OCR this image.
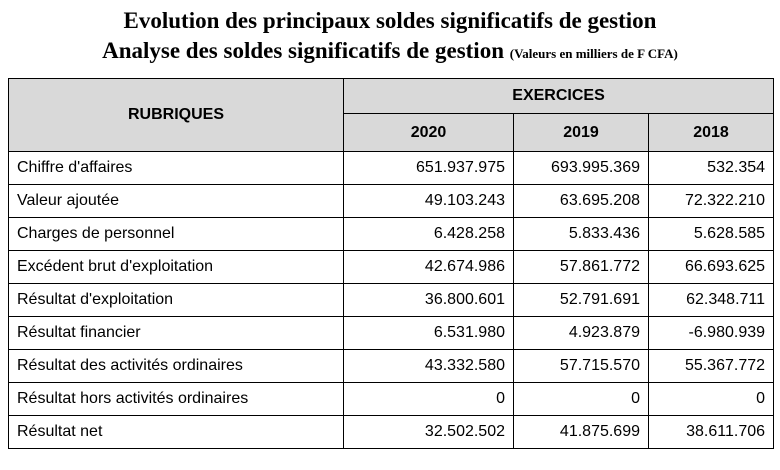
Evolution des principaux soldes significatifs de gestion
Analyse des soldes significatifs de gestion (Valeurs en milliers de F CFA)
RUBRIQUES	EXERCICES		
	2020	2019	2018
Chiffre d'affaires	651.937.975	693.995.369	532.354
Valeur ajoutée	49.103.243	63.695.208	72.322.210
Charges de personnel	6.428.258	5.833.436	5.628.585
Excédent brut d'exploitation	42.674.986	57.861.772	66.693.625
Résultat d'exploitation	36.800.601	52.791.691	62.348.711
Résultat financier	6.531.980	4.923.879	-6.980.939
Résultat des activités ordinaires	43.332.580	57.715.570	55.367.772
Résultat hors activités ordinaires	0	0	0
Résultat net	32.502.502	41.875.699	38.611.706
